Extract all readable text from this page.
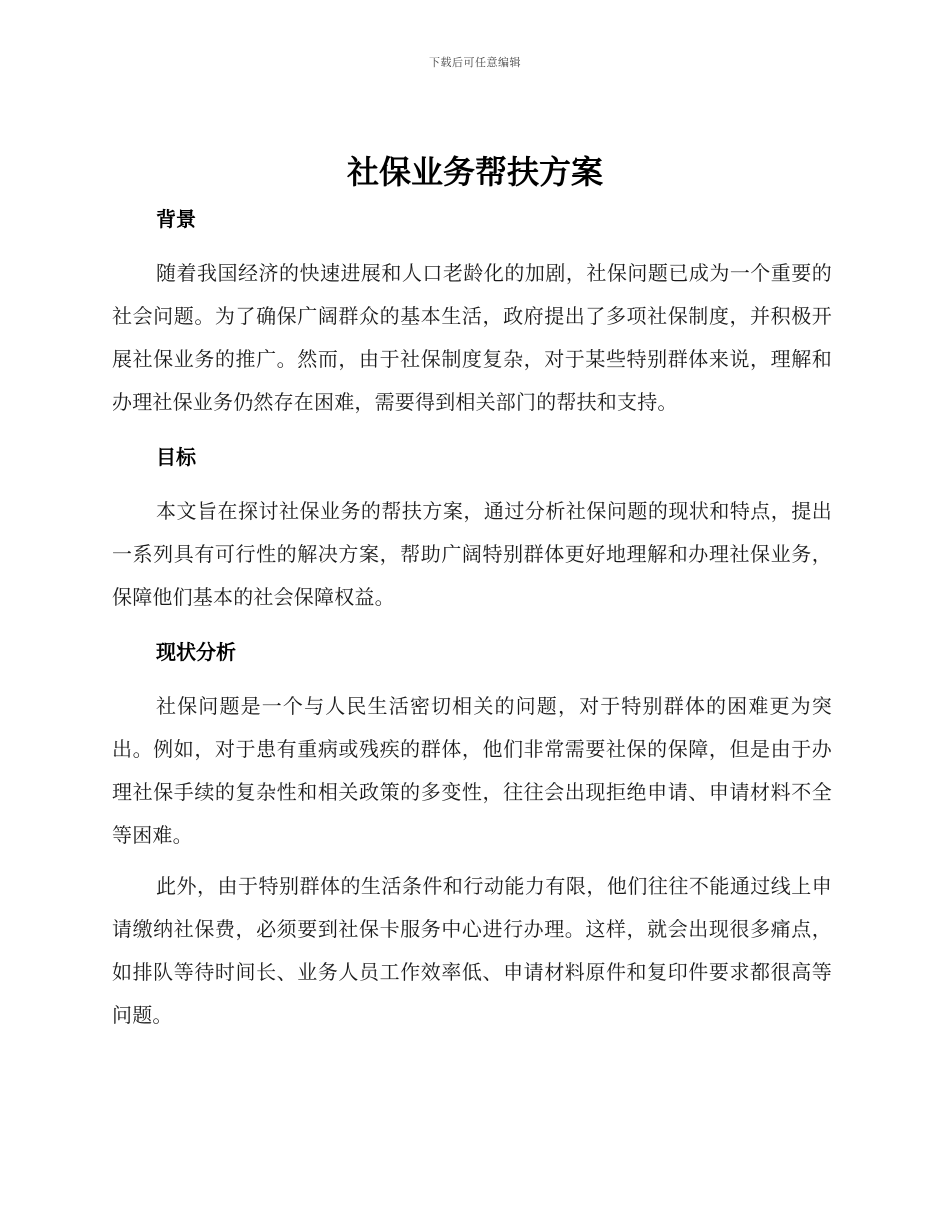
下载后可任意编辑
社保业务帮扶方案
背景

随着我国经济的快速进展和人口老龄化的加剧，社保问题已成为一个重要的社会问题。为了确保广阔群众的基本生活，政府提出了多项社保制度，并积极开展社保业务的推广。然而，由于社保制度复杂，对于某些特别群体来说，理解和办理社保业务仍然存在困难，需要得到相关部门的帮扶和支持。

目标

本文旨在探讨社保业务的帮扶方案，通过分析社保问题的现状和特点，提出一系列具有可行性的解决方案，帮助广阔特别群体更好地理解和办理社保业务，保障他们基本的社会保障权益。

现状分析

社保问题是一个与人民生活密切相关的问题，对于特别群体的困难更为突出。例如，对于患有重病或残疾的群体，他们非常需要社保的保障，但是由于办理社保手续的复杂性和相关政策的多变性，往往会出现拒绝申请、申请材料不全等困难。

此外，由于特别群体的生活条件和行动能力有限，他们往往不能通过线上申请缴纳社保费，必须要到社保卡服务中心进行办理。这样，就会出现很多痛点，如排队等待时间长、业务人员工作效率低、申请材料原件和复印件要求都很高等问题。
